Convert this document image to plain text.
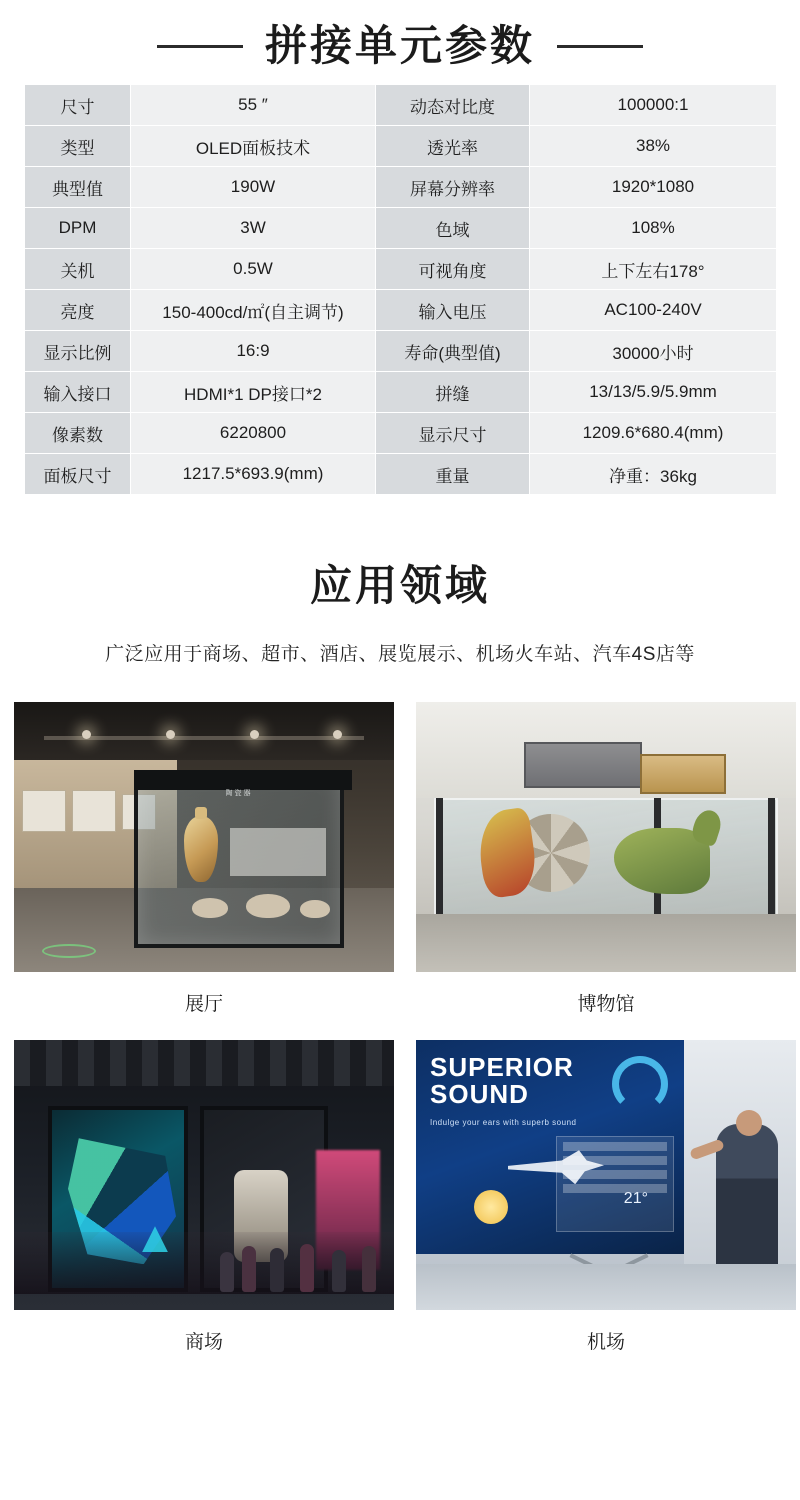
拼接单元参数
尺寸	55 ″	动态对比度	100000:1
类型	OLED面板技术	透光率	38%
典型值	190W	屏幕分辨率	1920*1080
DPM	3W	色域	108%
关机	0.5W	可视角度	上下左右178°
亮度	150-400cd/㎡(自主调节)	输入电压	AC100-240V
显示比例	16:9	寿命(典型值)	30000小时
输入接口	HDMI*1 DP接口*2	拼缝	13/13/5.9/5.9mm
像素数	6220800	显示尺寸	1209.6*680.4(mm)
面板尺寸	1217.5*693.9(mm)	重量	净重：36kg
应用领域
广泛应用于商场、超市、酒店、展览展示、机场火车站、汽车4S店等
陶瓷器
展厅	博物馆
商场
SUPERIOR
SOUND
Indulge your ears with superb sound
21°
机场
